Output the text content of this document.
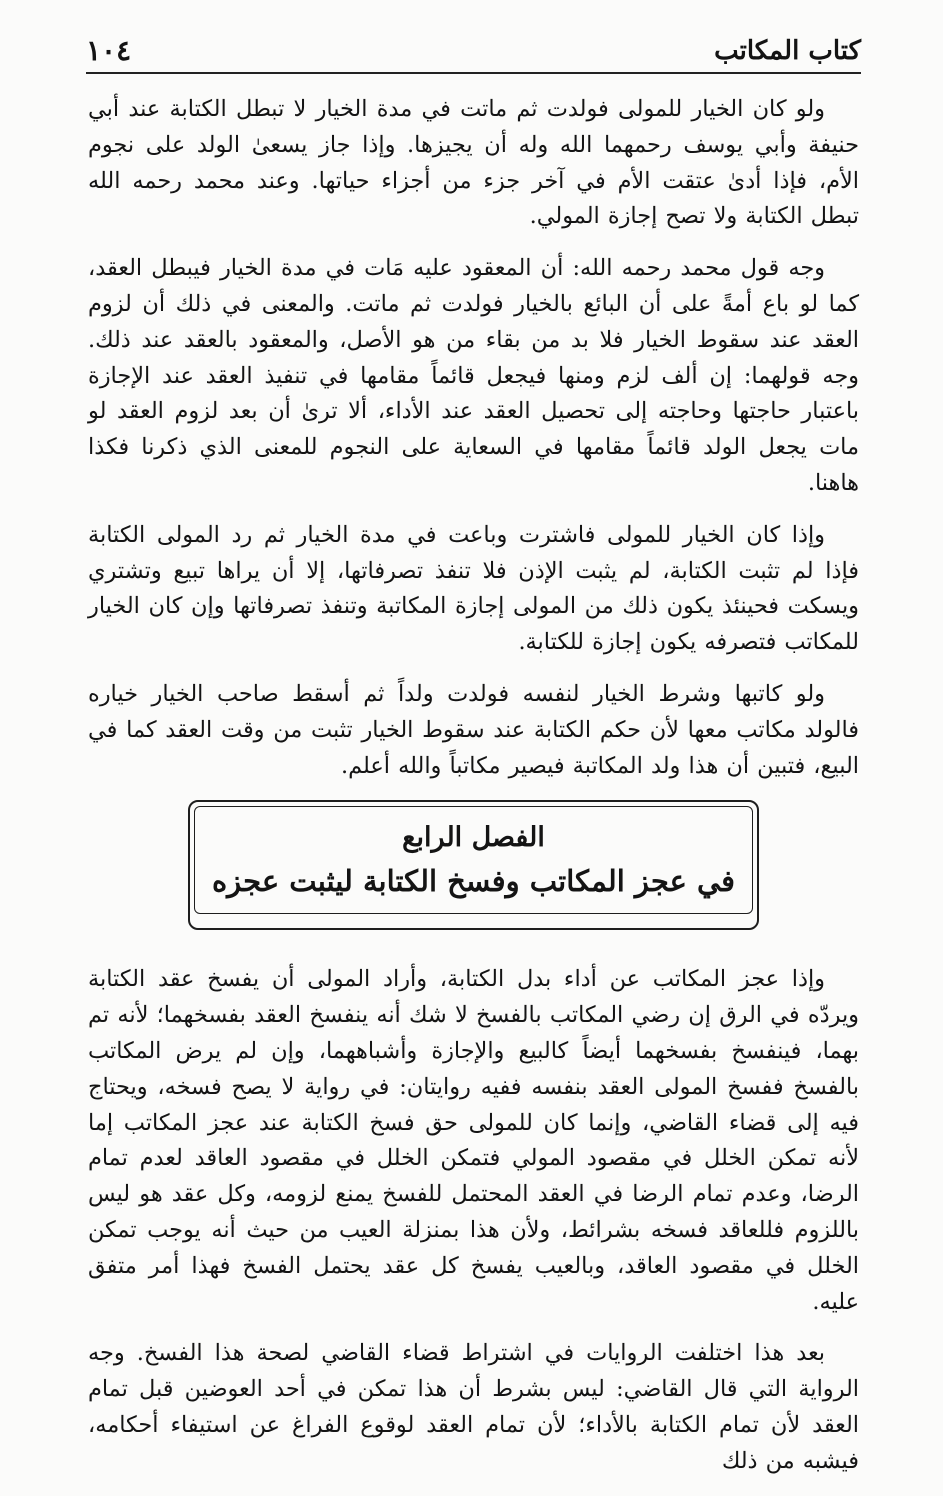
كتاب المكاتب
١٠٤

ولو كان الخيار للمولى فولدت ثم ماتت في مدة الخيار لا تبطل الكتابة عند أبي حنيفة وأبي يوسف رحمهما الله وله أن يجيزها. وإذا جاز يسعىٰ الولد على نجوم الأم، فإذا أدىٰ عتقت الأم في آخر جزء من أجزاء حياتها. وعند محمد رحمه الله تبطل الكتابة ولا تصح إجازة المولي.

وجه قول محمد رحمه الله: أن المعقود عليه مَات في مدة الخيار فيبطل العقد، كما لو باع أمةً على أن البائع بالخيار فولدت ثم ماتت. والمعنى في ذلك أن لزوم العقد عند سقوط الخيار فلا بد من بقاء من هو الأصل، والمعقود بالعقد عند ذلك. وجه قولهما: إن ألف لزم ومنها فيجعل قائماً مقامها في تنفيذ العقد عند الإجازة باعتبار حاجتها وحاجته إلى تحصيل العقد عند الأداء، ألا ترىٰ أن بعد لزوم العقد لو مات يجعل الولد قائماً مقامها في السعاية على النجوم للمعنى الذي ذكرنا فكذا هاهنا.

وإذا كان الخيار للمولى فاشترت وباعت في مدة الخيار ثم رد المولى الكتابة فإذا لم تثبت الكتابة، لم يثبت الإذن فلا تنفذ تصرفاتها، إلا أن يراها تبيع وتشتري ويسكت فحينئذ يكون ذلك من المولى إجازة المكاتبة وتنفذ تصرفاتها وإن كان الخيار للمكاتب فتصرفه يكون إجازة للكتابة.

ولو كاتبها وشرط الخيار لنفسه فولدت ولداً ثم أسقط صاحب الخيار خياره فالولد مكاتب معها لأن حكم الكتابة عند سقوط الخيار تثبت من وقت العقد كما في البيع، فتبين أن هذا ولد المكاتبة فيصير مكاتباً والله أعلم.

الفصل الرابع
في عجز المكاتب وفسخ الكتابة ليثبت عجزه

وإذا عجز المكاتب عن أداء بدل الكتابة، وأراد المولى أن يفسخ عقد الكتابة ويردّه في الرق إن رضي المكاتب بالفسخ لا شك أنه ينفسخ العقد بفسخهما؛ لأنه تم بهما، فينفسخ بفسخهما أيضاً كالبيع والإجازة وأشباههما، وإن لم يرض المكاتب بالفسخ ففسخ المولى العقد بنفسه ففيه روايتان: في رواية لا يصح فسخه، ويحتاج فيه إلى قضاء القاضي، وإنما كان للمولى حق فسخ الكتابة عند عجز المكاتب إما لأنه تمكن الخلل في مقصود المولي فتمكن الخلل في مقصود العاقد لعدم تمام الرضا، وعدم تمام الرضا في العقد المحتمل للفسخ يمنع لزومه، وكل عقد هو ليس باللزوم فللعاقد فسخه بشرائط، ولأن هذا بمنزلة العيب من حيث أنه يوجب تمكن الخلل في مقصود العاقد، وبالعيب يفسخ كل عقد يحتمل الفسخ فهذا أمر متفق عليه.

بعد هذا اختلفت الروايات في اشتراط قضاء القاضي لصحة هذا الفسخ. وجه الرواية التي قال القاضي: ليس بشرط أن هذا تمكن في أحد العوضين قبل تمام العقد لأن تمام الكتابة بالأداء؛ لأن تمام العقد لوقوع الفراغ عن استيفاء أحكامه، فيشبه من ذلك
